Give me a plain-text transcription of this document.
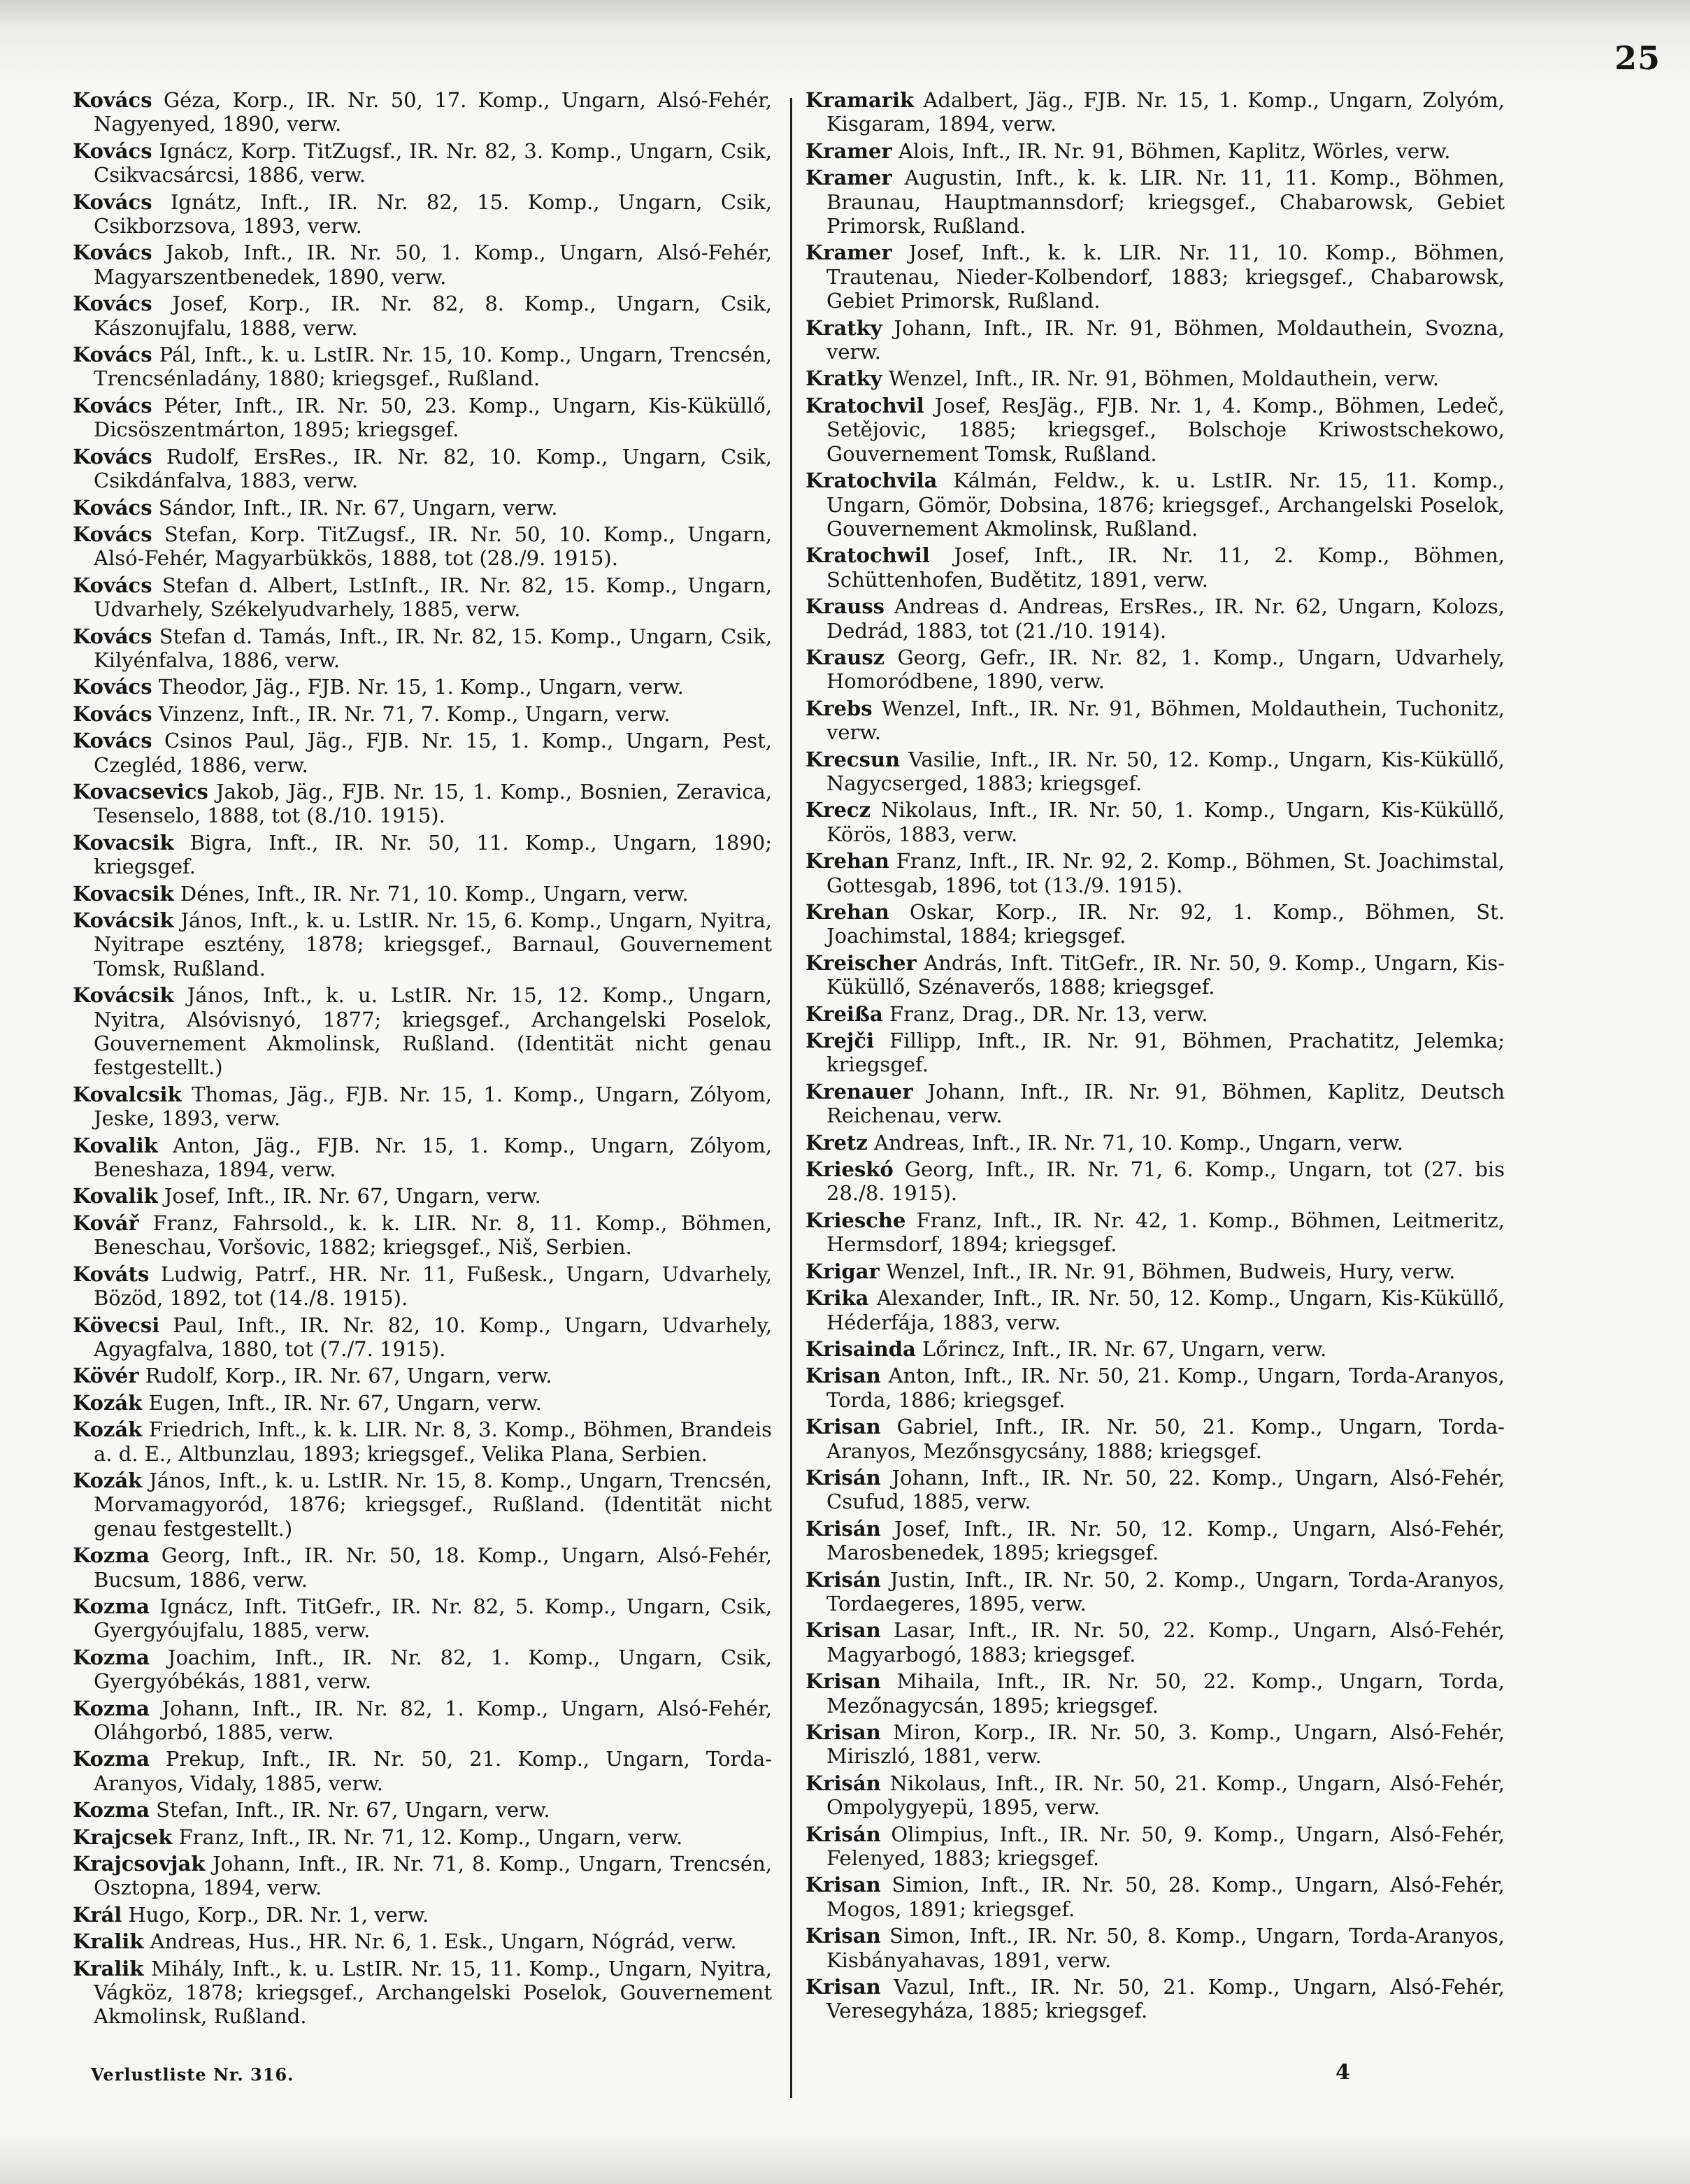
25
Kovács Géza, Korp., IR. Nr. 50, 17. Komp., Ungarn, Alsó-Fehér, Nagyenyed, 1890, verw.
Kovács Ignácz, Korp. TitZugsf., IR. Nr. 82, 3. Komp., Ungarn, Csik, Csikvacsárcsi, 1886, verw.
Kovács Ignátz, Inft., IR. Nr. 82, 15. Komp., Ungarn, Csik, Csikborzsova, 1893, verw.
Kovács Jakob, Inft., IR. Nr. 50, 1. Komp., Ungarn, Alsó-Fehér, Magyarszentbenedek, 1890, verw.
Kovács Josef, Korp., IR. Nr. 82, 8. Komp., Ungarn, Csik, Kászonujfalu, 1888, verw.
Kovács Pál, Inft., k. u. LstIR. Nr. 15, 10. Komp., Ungarn, Trencsén, Trencsénladány, 1880; kriegsgef., Rußland.
Kovács Péter, Inft., IR. Nr. 50, 23. Komp., Ungarn, Kis-Küküllő, Dicsöszentmárton, 1895; kriegsgef.
Kovács Rudolf, ErsRes., IR. Nr. 82, 10. Komp., Ungarn, Csik, Csikdánfalva, 1883, verw.
Kovács Sándor, Inft., IR. Nr. 67, Ungarn, verw.
Kovács Stefan, Korp. TitZugsf., IR. Nr. 50, 10. Komp., Ungarn, Alsó-Fehér, Magyarbükkös, 1888, tot (28./9. 1915).
Kovács Stefan d. Albert, LstInft., IR. Nr. 82, 15. Komp., Ungarn, Udvarhely, Székelyudvarhely, 1885, verw.
Kovács Stefan d. Tamás, Inft., IR. Nr. 82, 15. Komp., Ungarn, Csik, Kilyénfalva, 1886, verw.
Kovács Theodor, Jäg., FJB. Nr. 15, 1. Komp., Ungarn, verw.
Kovács Vinzenz, Inft., IR. Nr. 71, 7. Komp., Ungarn, verw.
Kovács Csinos Paul, Jäg., FJB. Nr. 15, 1. Komp., Ungarn, Pest, Czegléd, 1886, verw.
Kovacsevics Jakob, Jäg., FJB. Nr. 15, 1. Komp., Bosnien, Zeravica, Tesenselo, 1888, tot (8./10. 1915).
Kovacsik Bigra, Inft., IR. Nr. 50, 11. Komp., Ungarn, 1890; kriegsgef.
Kovacsik Dénes, Inft., IR. Nr. 71, 10. Komp., Ungarn, verw.
Kovácsik János, Inft., k. u. LstIR. Nr. 15, 6. Komp., Ungarn, Nyitra, Nyitrape esztény, 1878; kriegsgef., Barnaul, Gouvernement Tomsk, Rußland.
Kovácsik János, Inft., k. u. LstIR. Nr. 15, 12. Komp., Ungarn, Nyitra, Alsóvisnyó, 1877; kriegsgef., Archangelski Poselok, Gouvernement Akmolinsk, Rußland. (Identität nicht genau festgestellt.)
Kovalcsik Thomas, Jäg., FJB. Nr. 15, 1. Komp., Ungarn, Zólyom, Jeske, 1893, verw.
Kovalik Anton, Jäg., FJB. Nr. 15, 1. Komp., Ungarn, Zólyom, Beneshaza, 1894, verw.
Kovalik Josef, Inft., IR. Nr. 67, Ungarn, verw.
Kovář Franz, Fahrsold., k. k. LIR. Nr. 8, 11. Komp., Böhmen, Beneschau, Voršovic, 1882; kriegsgef., Niš, Serbien.
Kováts Ludwig, Patrf., HR. Nr. 11, Fußesk., Ungarn, Udvarhely, Bözöd, 1892, tot (14./8. 1915).
Kövecsi Paul, Inft., IR. Nr. 82, 10. Komp., Ungarn, Udvarhely, Agyagfalva, 1880, tot (7./7. 1915).
Kövér Rudolf, Korp., IR. Nr. 67, Ungarn, verw.
Kozák Eugen, Inft., IR. Nr. 67, Ungarn, verw.
Kozák Friedrich, Inft., k. k. LIR. Nr. 8, 3. Komp., Böhmen, Brandeis a. d. E., Altbunzlau, 1893; kriegsgef., Velika Plana, Serbien.
Kozák János, Inft., k. u. LstIR. Nr. 15, 8. Komp., Ungarn, Trencsén, Morvamagyoród, 1876; kriegsgef., Rußland. (Identität nicht genau festgestellt.)
Kozma Georg, Inft., IR. Nr. 50, 18. Komp., Ungarn, Alsó-Fehér, Bucsum, 1886, verw.
Kozma Ignácz, Inft. TitGefr., IR. Nr. 82, 5. Komp., Ungarn, Csik, Gyergyóujfalu, 1885, verw.
Kozma Joachim, Inft., IR. Nr. 82, 1. Komp., Ungarn, Csik, Gyergyóbékás, 1881, verw.
Kozma Johann, Inft., IR. Nr. 82, 1. Komp., Ungarn, Alsó-Fehér, Oláhgorbó, 1885, verw.
Kozma Prekup, Inft., IR. Nr. 50, 21. Komp., Ungarn, Torda-Aranyos, Vidaly, 1885, verw.
Kozma Stefan, Inft., IR. Nr. 67, Ungarn, verw.
Krajcsek Franz, Inft., IR. Nr. 71, 12. Komp., Ungarn, verw.
Krajcsovjak Johann, Inft., IR. Nr. 71, 8. Komp., Ungarn, Trencsén, Osztopna, 1894, verw.
Král Hugo, Korp., DR. Nr. 1, verw.
Kralik Andreas, Hus., HR. Nr. 6, 1. Esk., Ungarn, Nógrád, verw.
Kralik Mihály, Inft., k. u. LstIR. Nr. 15, 11. Komp., Ungarn, Nyitra, Vágköz, 1878; kriegsgef., Archangelski Poselok, Gouvernement Akmolinsk, Rußland.
Kramarik Adalbert, Jäg., FJB. Nr. 15, 1. Komp., Ungarn, Zolyóm, Kisgaram, 1894, verw.
Kramer Alois, Inft., IR. Nr. 91, Böhmen, Kaplitz, Wörles, verw.
Kramer Augustin, Inft., k. k. LIR. Nr. 11, 11. Komp., Böhmen, Braunau, Hauptmannsdorf; kriegsgef., Chabarowsk, Gebiet Primorsk, Rußland.
Kramer Josef, Inft., k. k. LIR. Nr. 11, 10. Komp., Böhmen, Trautenau, Nieder-Kolbendorf, 1883; kriegsgef., Chabarowsk, Gebiet Primorsk, Rußland.
Kratky Johann, Inft., IR. Nr. 91, Böhmen, Moldauthein, Svozna, verw.
Kratky Wenzel, Inft., IR. Nr. 91, Böhmen, Moldauthein, verw.
Kratochvil Josef, ResJäg., FJB. Nr. 1, 4. Komp., Böhmen, Ledeč, Setějovic, 1885; kriegsgef., Bolschoje Kriwostschekowo, Gouvernement Tomsk, Rußland.
Kratochvila Kálmán, Feldw., k. u. LstIR. Nr. 15, 11. Komp., Ungarn, Gömör, Dobsina, 1876; kriegsgef., Archangelski Poselok, Gouvernement Akmolinsk, Rußland.
Kratochwil Josef, Inft., IR. Nr. 11, 2. Komp., Böhmen, Schüttenhofen, Budětitz, 1891, verw.
Krauss Andreas d. Andreas, ErsRes., IR. Nr. 62, Ungarn, Kolozs, Dedrád, 1883, tot (21./10. 1914).
Krausz Georg, Gefr., IR. Nr. 82, 1. Komp., Ungarn, Udvarhely, Homoródbene, 1890, verw.
Krebs Wenzel, Inft., IR. Nr. 91, Böhmen, Moldauthein, Tuchonitz, verw.
Krecsun Vasilie, Inft., IR. Nr. 50, 12. Komp., Ungarn, Kis-Küküllő, Nagycserged, 1883; kriegsgef.
Krecz Nikolaus, Inft., IR. Nr. 50, 1. Komp., Ungarn, Kis-Küküllő, Körös, 1883, verw.
Krehan Franz, Inft., IR. Nr. 92, 2. Komp., Böhmen, St. Joachimstal, Gottesgab, 1896, tot (13./9. 1915).
Krehan Oskar, Korp., IR. Nr. 92, 1. Komp., Böhmen, St. Joachimstal, 1884; kriegsgef.
Kreischer András, Inft. TitGefr., IR. Nr. 50, 9. Komp., Ungarn, Kis-Küküllő, Szénaverős, 1888; kriegsgef.
Kreißa Franz, Drag., DR. Nr. 13, verw.
Krejči Fillipp, Inft., IR. Nr. 91, Böhmen, Prachatitz, Jelemka; kriegsgef.
Krenauer Johann, Inft., IR. Nr. 91, Böhmen, Kaplitz, Deutsch Reichenau, verw.
Kretz Andreas, Inft., IR. Nr. 71, 10. Komp., Ungarn, verw.
Krieskó Georg, Inft., IR. Nr. 71, 6. Komp., Ungarn, tot (27. bis 28./8. 1915).
Kriesche Franz, Inft., IR. Nr. 42, 1. Komp., Böhmen, Leitmeritz, Hermsdorf, 1894; kriegsgef.
Krigar Wenzel, Inft., IR. Nr. 91, Böhmen, Budweis, Hury, verw.
Krika Alexander, Inft., IR. Nr. 50, 12. Komp., Ungarn, Kis-Küküllő, Héderfája, 1883, verw.
Krisainda Lőrincz, Inft., IR. Nr. 67, Ungarn, verw.
Krisan Anton, Inft., IR. Nr. 50, 21. Komp., Ungarn, Torda-Aranyos, Torda, 1886; kriegsgef.
Krisan Gabriel, Inft., IR. Nr. 50, 21. Komp., Ungarn, Torda-Aranyos, Mezőnsgycsány, 1888; kriegsgef.
Krisán Johann, Inft., IR. Nr. 50, 22. Komp., Ungarn, Alsó-Fehér, Csufud, 1885, verw.
Krisán Josef, Inft., IR. Nr. 50, 12. Komp., Ungarn, Alsó-Fehér, Marosbenedek, 1895; kriegsgef.
Krisán Justin, Inft., IR. Nr. 50, 2. Komp., Ungarn, Torda-Aranyos, Tordaegeres, 1895, verw.
Krisan Lasar, Inft., IR. Nr. 50, 22. Komp., Ungarn, Alsó-Fehér, Magyarbogó, 1883; kriegsgef.
Krisan Mihaila, Inft., IR. Nr. 50, 22. Komp., Ungarn, Torda, Mezőnagycsán, 1895; kriegsgef.
Krisan Miron, Korp., IR. Nr. 50, 3. Komp., Ungarn, Alsó-Fehér, Miriszló, 1881, verw.
Krisán Nikolaus, Inft., IR. Nr. 50, 21. Komp., Ungarn, Alsó-Fehér, Ompolygyepü, 1895, verw.
Krisán Olimpius, Inft., IR. Nr. 50, 9. Komp., Ungarn, Alsó-Fehér, Felenyed, 1883; kriegsgef.
Krisan Simion, Inft., IR. Nr. 50, 28. Komp., Ungarn, Alsó-Fehér, Mogos, 1891; kriegsgef.
Krisan Simon, Inft., IR. Nr. 50, 8. Komp., Ungarn, Torda-Aranyos, Kisbányahavas, 1891, verw.
Krisan Vazul, Inft., IR. Nr. 50, 21. Komp., Ungarn, Alsó-Fehér, Veresegyháza, 1885; kriegsgef.
Verlustliste Nr. 316.	4
